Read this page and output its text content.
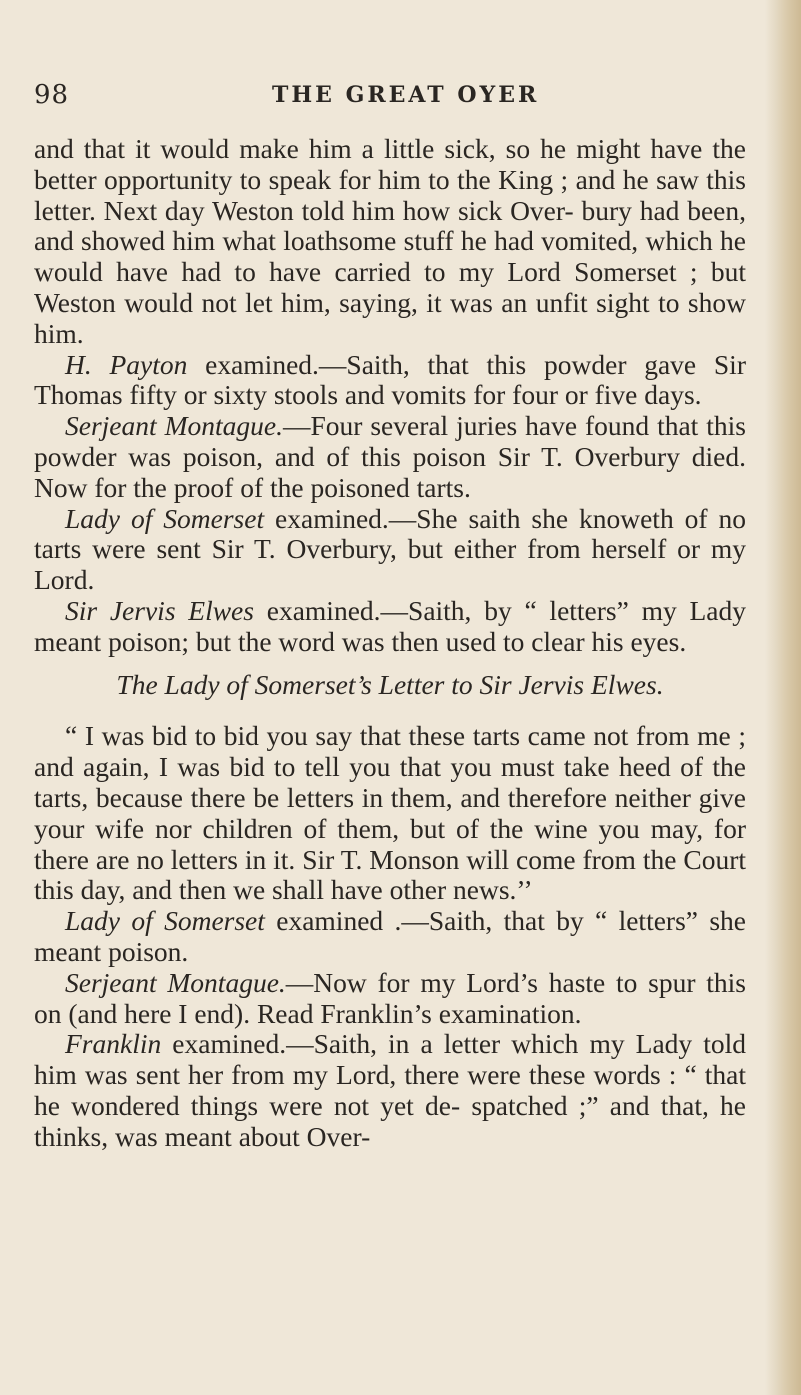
98	THE GREAT OYER

and that it would make him a little sick, so he might have the better opportunity to speak for him to the King ; and he saw this letter. Next day Weston told him how sick Over- bury had been, and showed him what loathsome stuff he had vomited, which he would have had to have carried to my Lord Somerset ; but Weston would not let him, saying, it was an unfit sight to show him.

H. Payton examined.—Saith, that this powder gave Sir Thomas fifty or sixty stools and vomits for four or five days.

Serjeant Montague.—Four several juries have found that this powder was poison, and of this poison Sir T. Overbury died. Now for the proof of the poisoned tarts.

Lady of Somerset examined.—She saith she knoweth of no tarts were sent Sir T. Overbury, but either from herself or my Lord.

Sir Jervis Elwes examined.—Saith, by “ letters” my Lady meant poison; but the word was then used to clear his eyes.

The Lady of Somerset’s Letter to Sir Jervis Elwes.

“ I was bid to bid you say that these tarts came not from me ; and again, I was bid to tell you that you must take heed of the tarts, because there be letters in them, and therefore neither give your wife nor children of them, but of the wine you may, for there are no letters in it. Sir T. Monson will come from the Court this day, and then we shall have other news.’’

Lady of Somerset examined .—Saith, that by “ letters” she meant poison.

Serjeant Montague.—Now for my Lord’s haste to spur this on (and here I end). Read Franklin’s examination.

Franklin examined.—Saith, in a letter which my Lady told him was sent her from my Lord, there were these words : “ that he wondered things were not yet de- spatched ;” and that, he thinks, was meant about Over-
